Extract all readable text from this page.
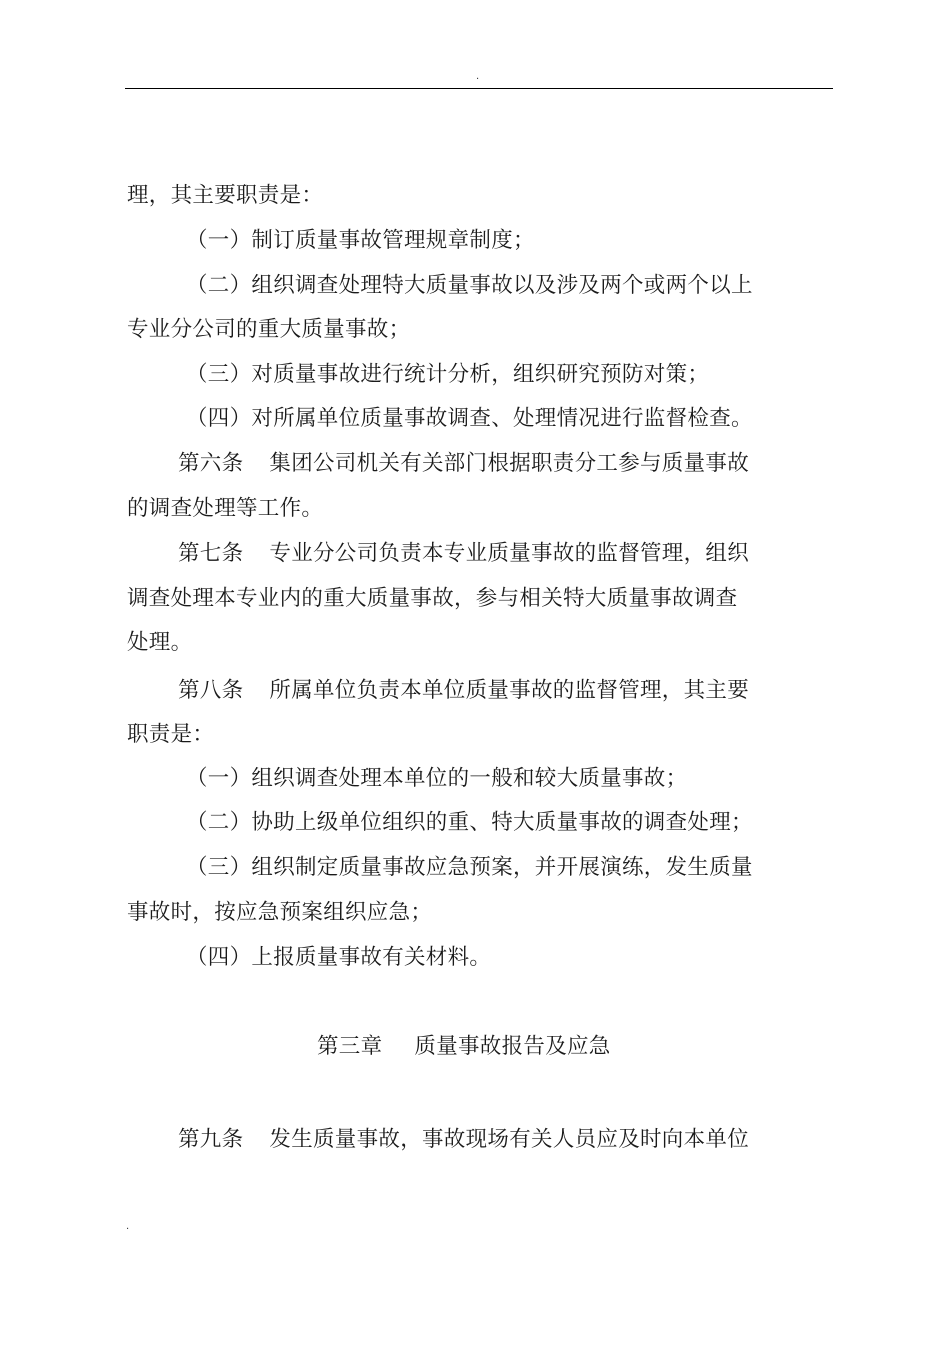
.
理，其主要职责是：
（一）制订质量事故管理规章制度；
（二）组织调查处理特大质量事故以及涉及两个或两个以上
专业分公司的重大质量事故；
（三）对质量事故进行统计分析，组织研究预防对策；
（四）对所属单位质量事故调查、处理情况进行监督检查。
第六条 集团公司机关有关部门根据职责分工参与质量事故
的调查处理等工作。
第七条 专业分公司负责本专业质量事故的监督管理，组织
调查处理本专业内的重大质量事故，参与相关特大质量事故调查
处理。
第八条 所属单位负责本单位质量事故的监督管理，其主要
职责是：
（一）组织调查处理本单位的一般和较大质量事故；
（二）协助上级单位组织的重、特大质量事故的调查处理；
（三）组织制定质量事故应急预案，并开展演练，发生质量
事故时，按应急预案组织应急；
（四）上报质量事故有关材料。
第三章 质量事故报告及应急
第九条 发生质量事故，事故现场有关人员应及时向本单位
.
